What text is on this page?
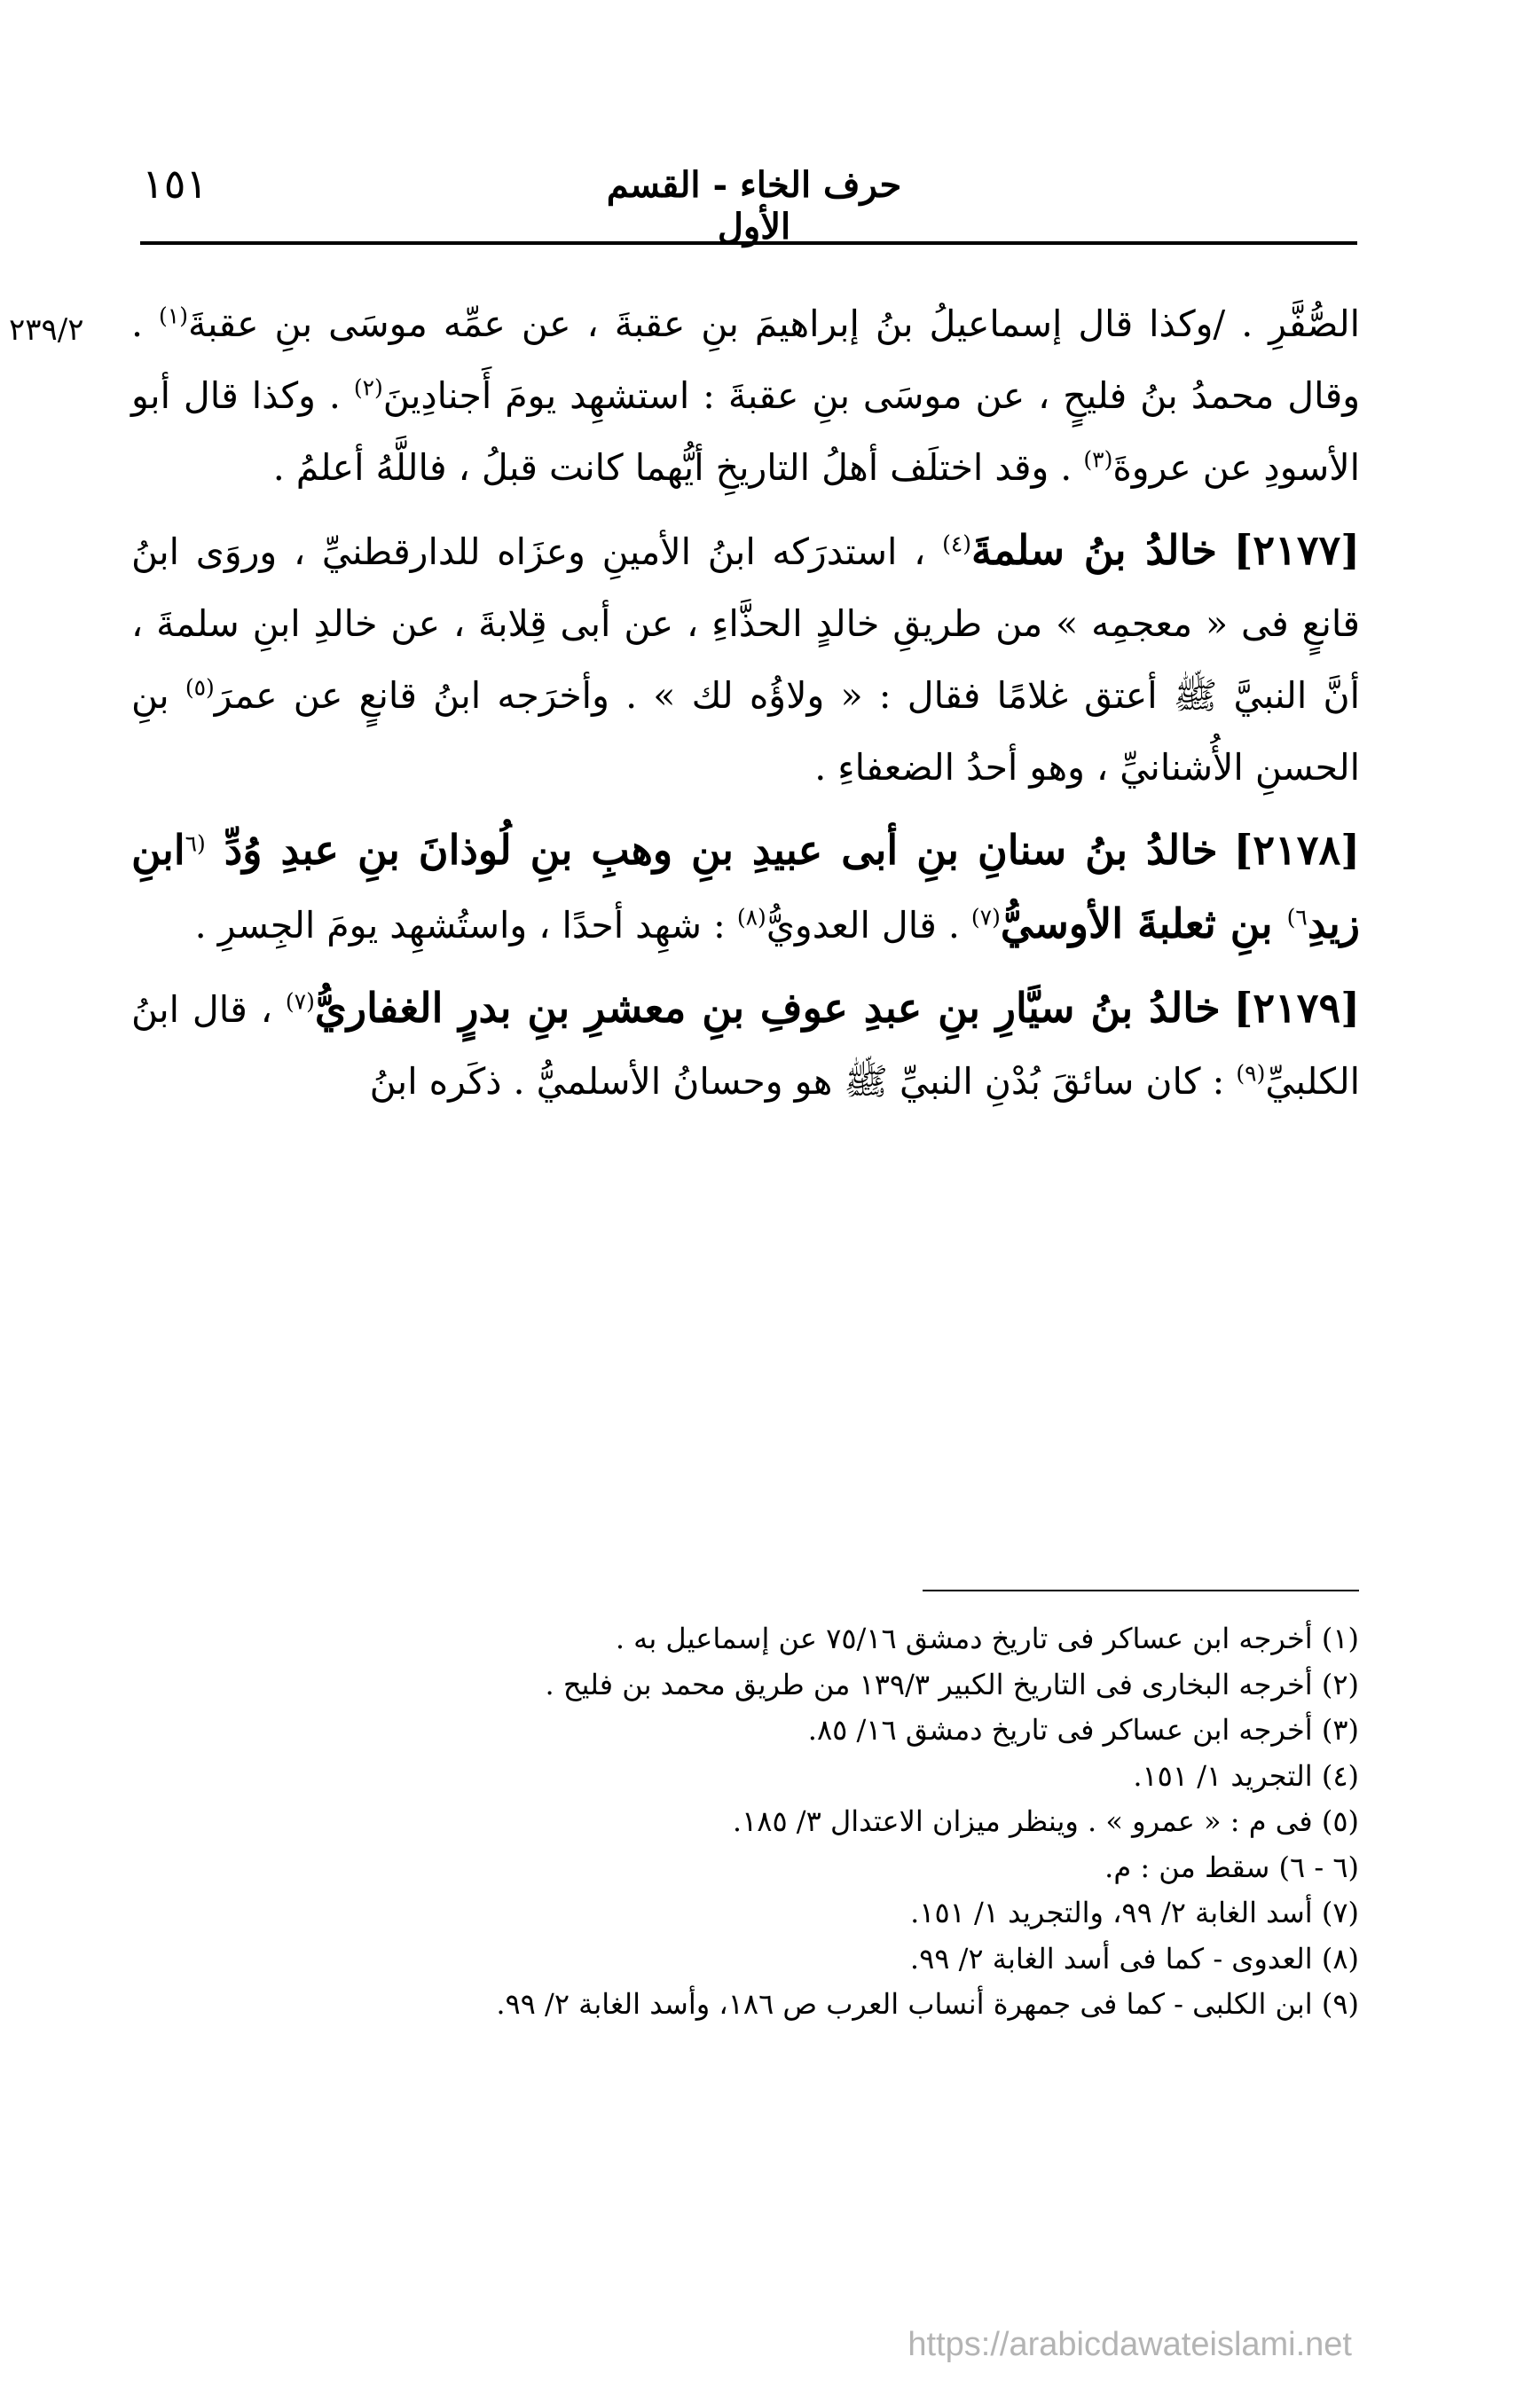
١٥١	حرف الخاء - القسم الأول
٢٣٩/٢	الصُّفَّرِ . /وكذا قال إسماعيلُ بنُ إبراهيمَ بنِ عقبةَ ، عن عمِّه موسَى بنِ عقبةَ$^{(١)}$ . وقال محمدُ بنُ فليحٍ ، عن موسَى بنِ عقبةَ : استشهِد يومَ أَجنادِينَ$^{(٢)}$ . وكذا قال أبو الأسودِ عن عروةَ$^{(٣)}$ . وقد اختلَف أهلُ التاريخِ أيُّهما كانت قبلُ ، فاللَّهُ أعلمُ .

[٢١٧٧] خالدُ بنُ سلمةَ$^{(٤)}$ ، استدرَكه ابنُ الأمينِ وعزَاه للدارقطنيِّ ، وروَى ابنُ قانعٍ فى « معجمِه » من طريقِ خالدٍ الحذَّاءِ ، عن أبى قِلابةَ ، عن خالدِ ابنِ سلمةَ ، أنَّ النبيَّ ﷺ أعتق غلامًا فقال : « ولاؤُه لك » . وأخرَجه ابنُ قانعٍ عن عمرَ$^{(٥)}$ بنِ الحسنِ الأُشنانيِّ ، وهو أحدُ الضعفاءِ .

[٢١٧٨] خالدُ بنُ سنانِ بنِ أبى عبيدِ بنِ وهبِ بنِ لُوذانَ بنِ عبدِ وُدِّ $^{(٦}$ابنِ زيدِ$^{٦)}$ بنِ ثعلبةَ الأوسيُّ$^{(٧)}$ . قال العدويُّ$^{(٨)}$ : شهِد أحدًا ، واستُشهِد يومَ الجِسرِ .

[٢١٧٩] خالدُ بنُ سيَّارِ بنِ عبدِ عوفِ بنِ معشرِ بنِ بدرٍ الغفاريُّ$^{(٧)}$ ، قال ابنُ الكلبيِّ$^{(٩)}$ : كان سائقَ بُدْنِ النبيِّ ﷺ هو وحسانُ الأسلميُّ . ذكَره ابنُ

(١) أخرجه ابن عساكر فى تاريخ دمشق ٧٥/١٦ عن إسماعيل به .

(٢) أخرجه البخارى فى التاريخ الكبير ١٣٩/٣ من طريق محمد بن فليح .

(٣) أخرجه ابن عساكر فى تاريخ دمشق ١٦/ ٨٥.

(٤) التجريد ١/ ١٥١.

(٥) فى م : « عمرو » . وينظر ميزان الاعتدال ٣/ ١٨٥.

(٦ - ٦) سقط من : م.

(٧) أسد الغابة ٢/ ٩٩، والتجريد ١/ ١٥١.

(٨) العدوى - كما فى أسد الغابة ٢/ ٩٩.

(٩) ابن الكلبى - كما فى جمهرة أنساب العرب ص ١٨٦، وأسد الغابة ٢/ ٩٩.

https://arabicdawateislami.net
